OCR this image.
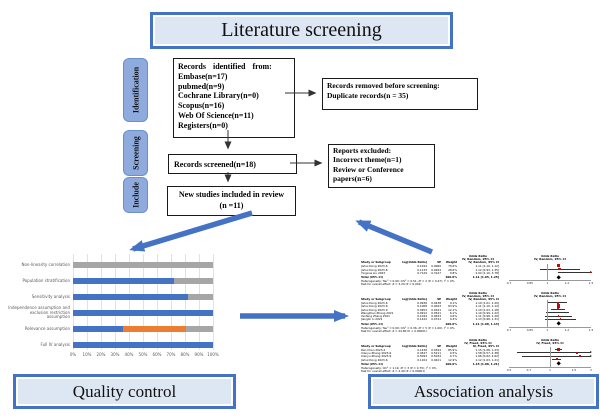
Literature screening
Identification
Screening
Include
Records identified from:
Embase(n=17)
pubmed(n=9)
Cochrane Library(n=0)
Scopus(n=16)
Web Of Science(n=11)
Registers(n=0)
Records removed before screening:
Duplicate records(n = 35)
Records screened(n=18)
Reports excluded:
Incorrect theme(n=1)
Review or Conference
papers(n=6)
New studies included in review
(n =11)
Non-linearity correlation
Population stratification
Sensitivity analysis
Independence assumption and exclusion restriction assumption
Relevance assumption
Full IV analysis
0% 10% 20% 30% 40% 50% 60% 70% 80% 90% 100%
Odds Ratio	Odds Ratio
IV, Random, 95% CI	IV, Random, 95% CI
Study or Subgroup	log[Odds Ratio]	SE	Weight	IV, Random, 95% CI
Jishui Dong 2023-6	0.1044	0.0060	70.6%	1.11 [1.10, 1.12]
Jishui Dong 2023-8	0.1133	0.0944	28.6%	1.12 [0.93, 1.35]
Yingxue Liu 2023	0.7129	0.3147	0.8%	2.04 [1.10, 3.78]
Total (95% CI)	100.0%	1.11 [1.05, 1.25]
0.7	0.85	1	1.2	1.5
Heterogeneity: Tau² = 0.00; Chi² = 0.51, df = 2 (P = 0.47); I² = 0%
Test for overall effect: Z = 3.24 (P = 0.001)
Odds Ratio	Odds Ratio
IV, Random, 95% CI	IV, Random, 95% CI
Study or Subgroup	log[Odds Ratio]	SE	Weight	IV, Random, 95% CI
Jishui Dong 2023-6	0.0936	0.0438	9.1%	1.10 [1.01, 1.20]
Jishui Dong 2023-8	0.1008	0.0043	63.9%	1.11 [1.10, 1.12]
Jishui Dong 2023-9	0.0953	0.0341	12.1%	1.10 [1.03, 1.18]
Wangzhen Zhang 2021	0.0912	0.0541	6.1%	1.10 [0.99, 1.22]
Yanfang Zhang 2021	0.1044	0.0633	4.6%	1.11 [0.98, 1.26]
Jianglin Li 2021	0.1222	0.0741	4.2%	1.13 [0.98, 1.31]
Total (95% CI)	100.0%	1.11 [1.08, 1.13]
0.7	0.85	1	1.2	1.5
Heterogeneity: Tau² = 0.00; Chi² = 0.36, df = 5 (P = 1.00); I² = 0%
Test for overall effect: Z = 24.80 (P < 0.00001)
Odds Ratio	Odds Ratio
IV, Fixed, 95% CI	IV, Fixed, 95% CI
Study or Subgroup	log[Odds Ratio]	SE	Weight	IV, Fixed, 95% CI
Ran Chen 2023-2	0.1436	0.0344	85.9%	1.15 [1.08, 1.23]
Xianyu Zhang 2023-6	0.4547	0.5211	0.5%	1.58 [0.57, 4.38]
Xianyu Zhang 2023-9	0.5093	0.5034	0.7%	1.66 [0.62, 4.62]
Jishui Dong 2023-6	0.1104	0.0421	12.9%	1.12 [1.03, 1.21]
Total (95% CI)	100.0%	1.15 [1.08, 1.21]
0.5	0.7	1	1.5	2
Heterogeneity: Chi² = 1.19, df = 3 (P = 0.75); I² = 0%
Test for overall effect: Z = 4.49 (P < 0.00001)
Quality control	Association analysis
